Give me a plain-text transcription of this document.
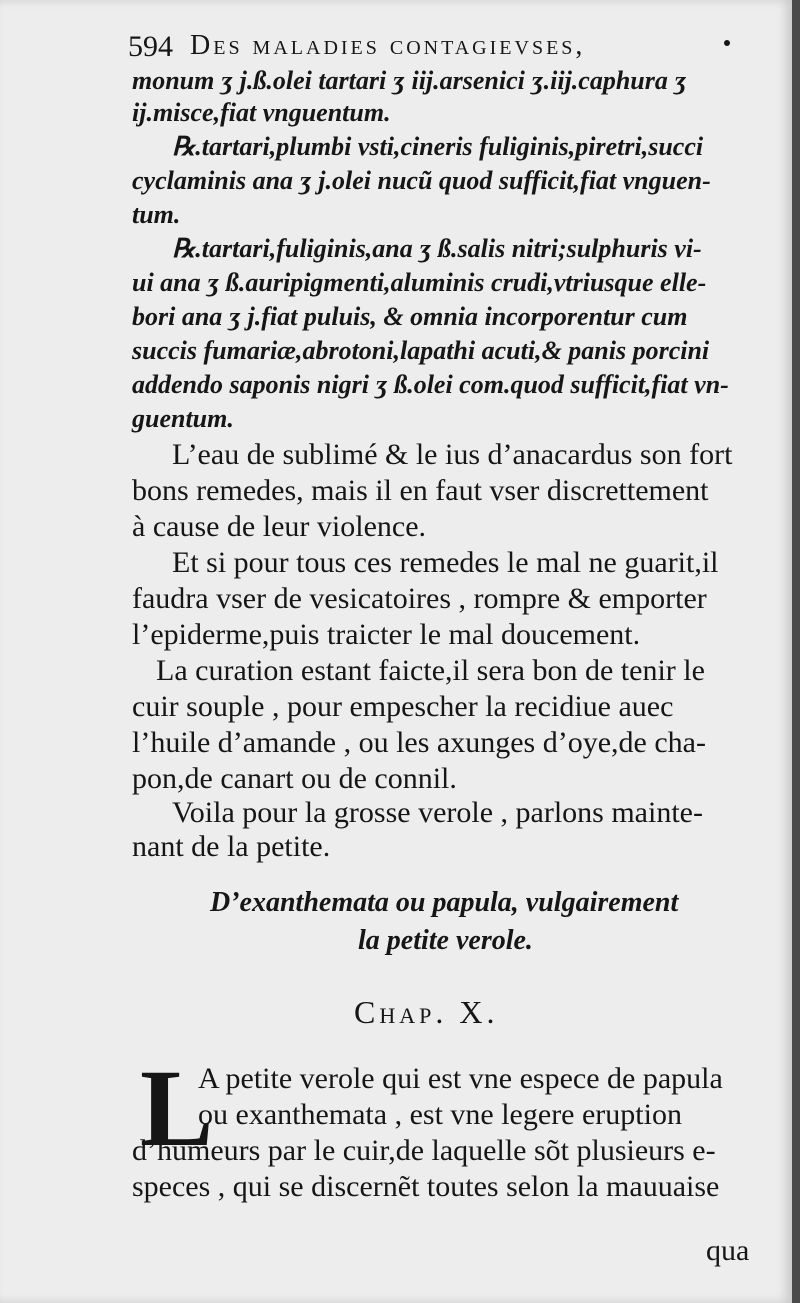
594 Des maladies contagievses,
monum ʒ j.ß.olei tartari ʒ iij.arsenici ʒ.iij.caphura ʒ
ij.misce,fiat vnguentum.
℞.tartari,plumbi vsti,cineris fuliginis,piretri,succi
cyclaminis ana ʒ j.olei nucũ quod sufficit,fiat vnguen-
tum.
℞.tartari,fuliginis,ana ʒ ß.salis nitri;sulphuris vi-
ui ana ʒ ß.auripigmenti,aluminis crudi,vtriusque elle-
bori ana ʒ j.fiat puluis, & omnia incorporentur cum
succis fumariæ,abrotoni,lapathi acuti,& panis porcini
addendo saponis nigri ʒ ß.olei com.quod sufficit,fiat vn-
guentum.
L’eau de sublimé & le ius d’anacardus son fort
bons remedes, mais il en faut vser discrettement
à cause de leur violence.
Et si pour tous ces remedes le mal ne guarit,il
faudra vser de vesicatoires , rompre & emporter
l’epiderme,puis traicter le mal doucement.
La curation estant faicte,il sera bon de tenir le
cuir souple , pour empescher la recidiue auec
l’huile d’amande , ou les axunges d’oye,de cha-
pon,de canart ou de connil.
Voila pour la grosse verole , parlons mainte-
nant de la petite.
D’exanthemata ou papula, vulgairement
la petite verole.
Chap. X.
L
A petite verole qui est vne espece de papula
ou exanthemata , est vne legere eruption
d’humeurs par le cuir,de laquelle sõt plusieurs e-
speces , qui se discernẽt toutes selon la mauuaise
qua
